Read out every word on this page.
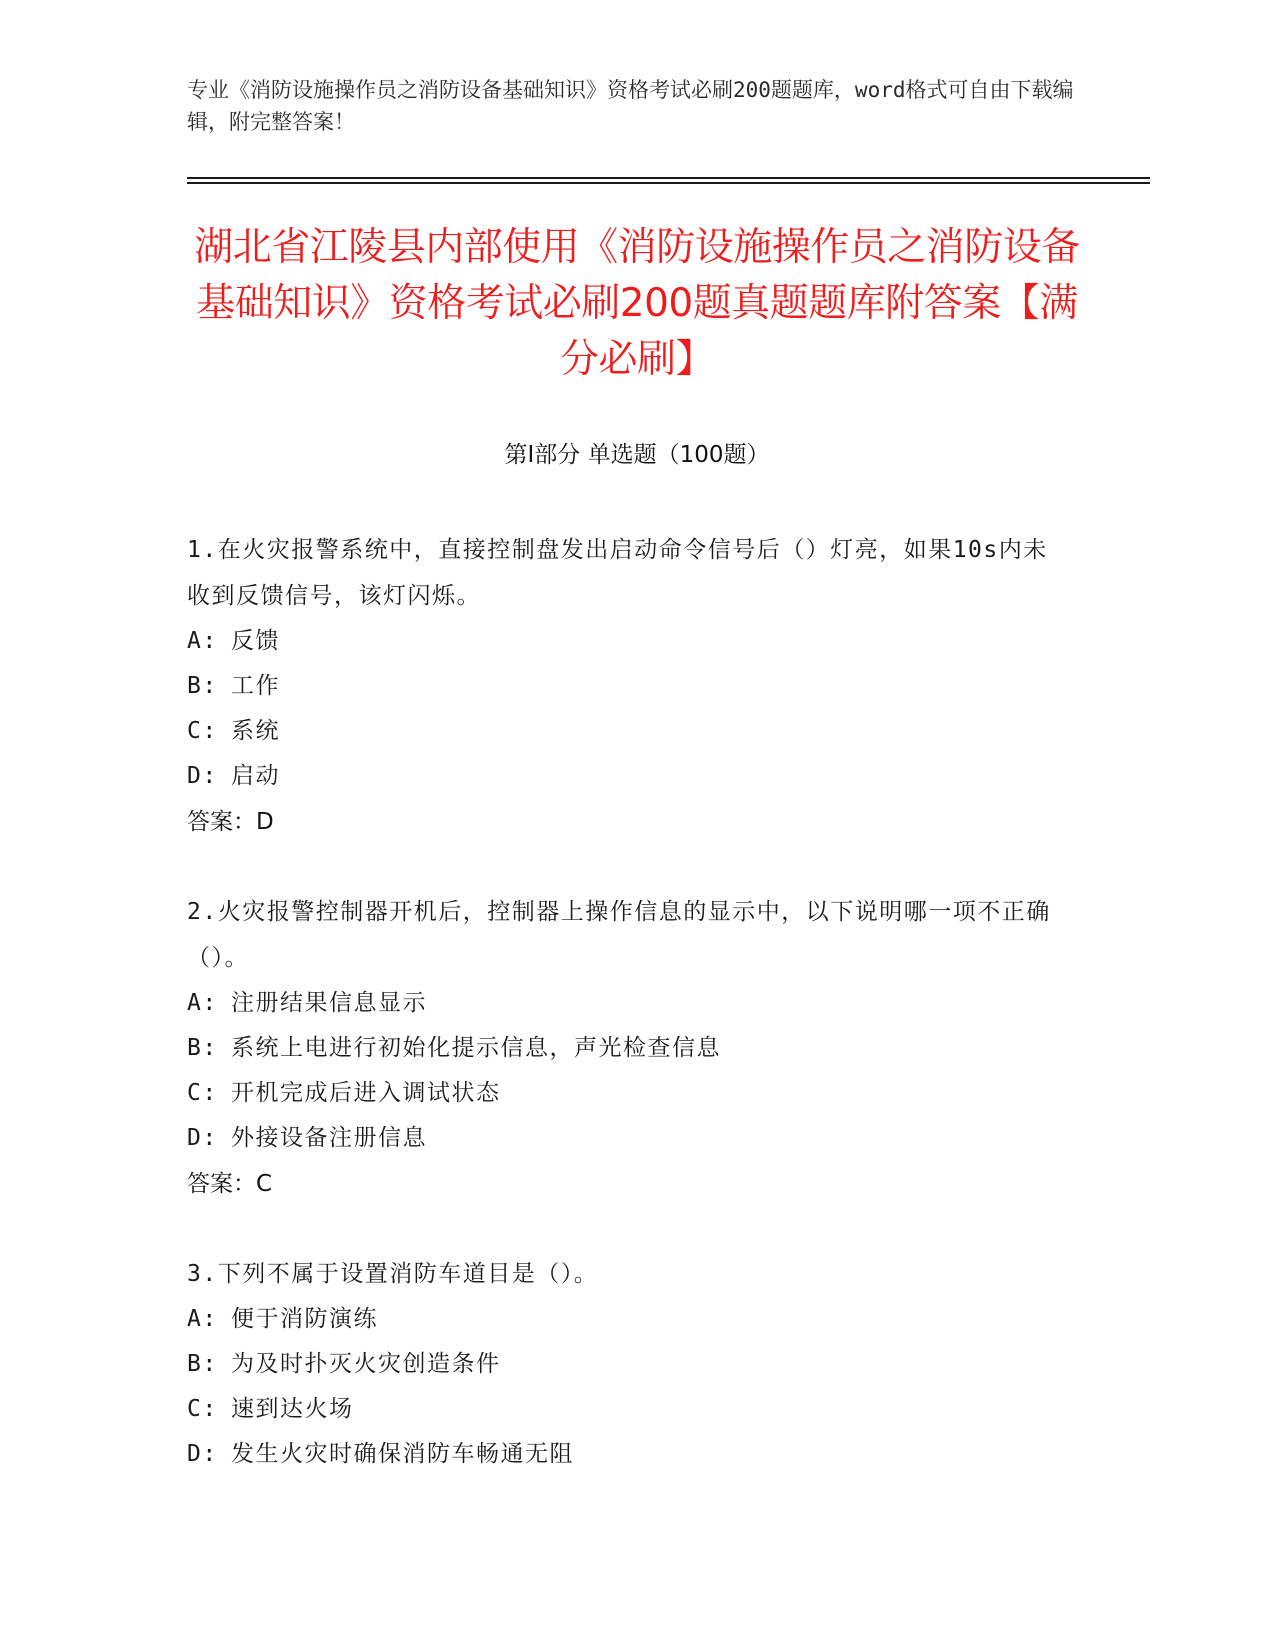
专业《消防设施操作员之消防设备基础知识》资格考试必刷200题题库，word格式可自由下载编辑，附完整答案！
湖北省江陵县内部使用《消防设施操作员之消防设备基础知识》资格考试必刷200题真题题库附答案【满分必刷】
第Ⅰ部分 单选题（100题）
1.在火灾报警系统中，直接控制盘发出启动命令信号后（）灯亮，如果10s内未收到反馈信号，该灯闪烁。
A: 反馈
B: 工作
C: 系统
D: 启动
答案：D
2.火灾报警控制器开机后，控制器上操作信息的显示中，以下说明哪一项不正确（）。
A: 注册结果信息显示
B: 系统上电进行初始化提示信息，声光检查信息
C: 开机完成后进入调试状态
D: 外接设备注册信息
答案：C
3.下列不属于设置消防车道目是（）。
A: 便于消防演练
B: 为及时扑灭火灾创造条件
C: 速到达火场
D: 发生火灾时确保消防车畅通无阻
